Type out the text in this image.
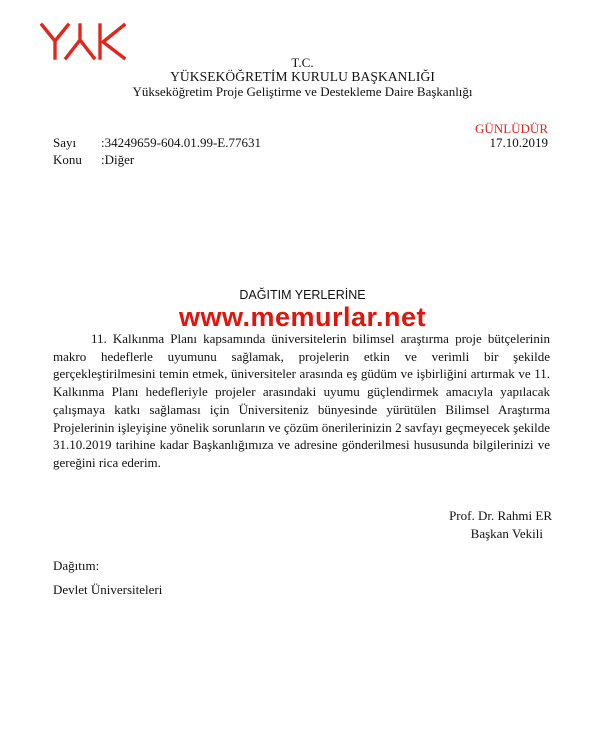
T.C.
YÜKSEKÖĞRETİM KURULU BAŞKANLIĞI
Yükseköğretim Proje Geliştirme ve Destekleme Daire Başkanlığı
GÜNLÜDÜR
17.10.2019
Sayı :34249659-604.01.99-E.77631
Konu :Diğer
DAĞITIM YERLERİNE

11. Kalkınma Planı kapsamında üniversitelerin bilimsel araştırma proje bütçelerinin makro hedeflerle uyumunu sağlamak, projelerin etkin ve verimli bir şekilde gerçekleştirilmesini temin etmek, üniversiteler arasında eş güdüm ve işbirliğini artırmak ve 11. Kalkınma Planı hedefleriyle projeler arasındaki uyumu güçlendirmek amacıyla yapılacak çalışmaya katkı sağlaması için Üniversiteniz bünyesinde yürütülen Bilimsel Araştırma Projelerinin işleyişine yönelik sorunların ve çözüm önerilerinizin 2 savfayı geçmeyecek şekilde 31.10.2019 tarihine kadar Başkanlığımıza ve adresine gönderilmesi hususunda bilgilerinizi ve gereğini rica ederim.

www.memurlar.net
Prof. Dr. Rahmi ER
Başkan Vekili
Dağıtım:
Devlet Üniversiteleri
